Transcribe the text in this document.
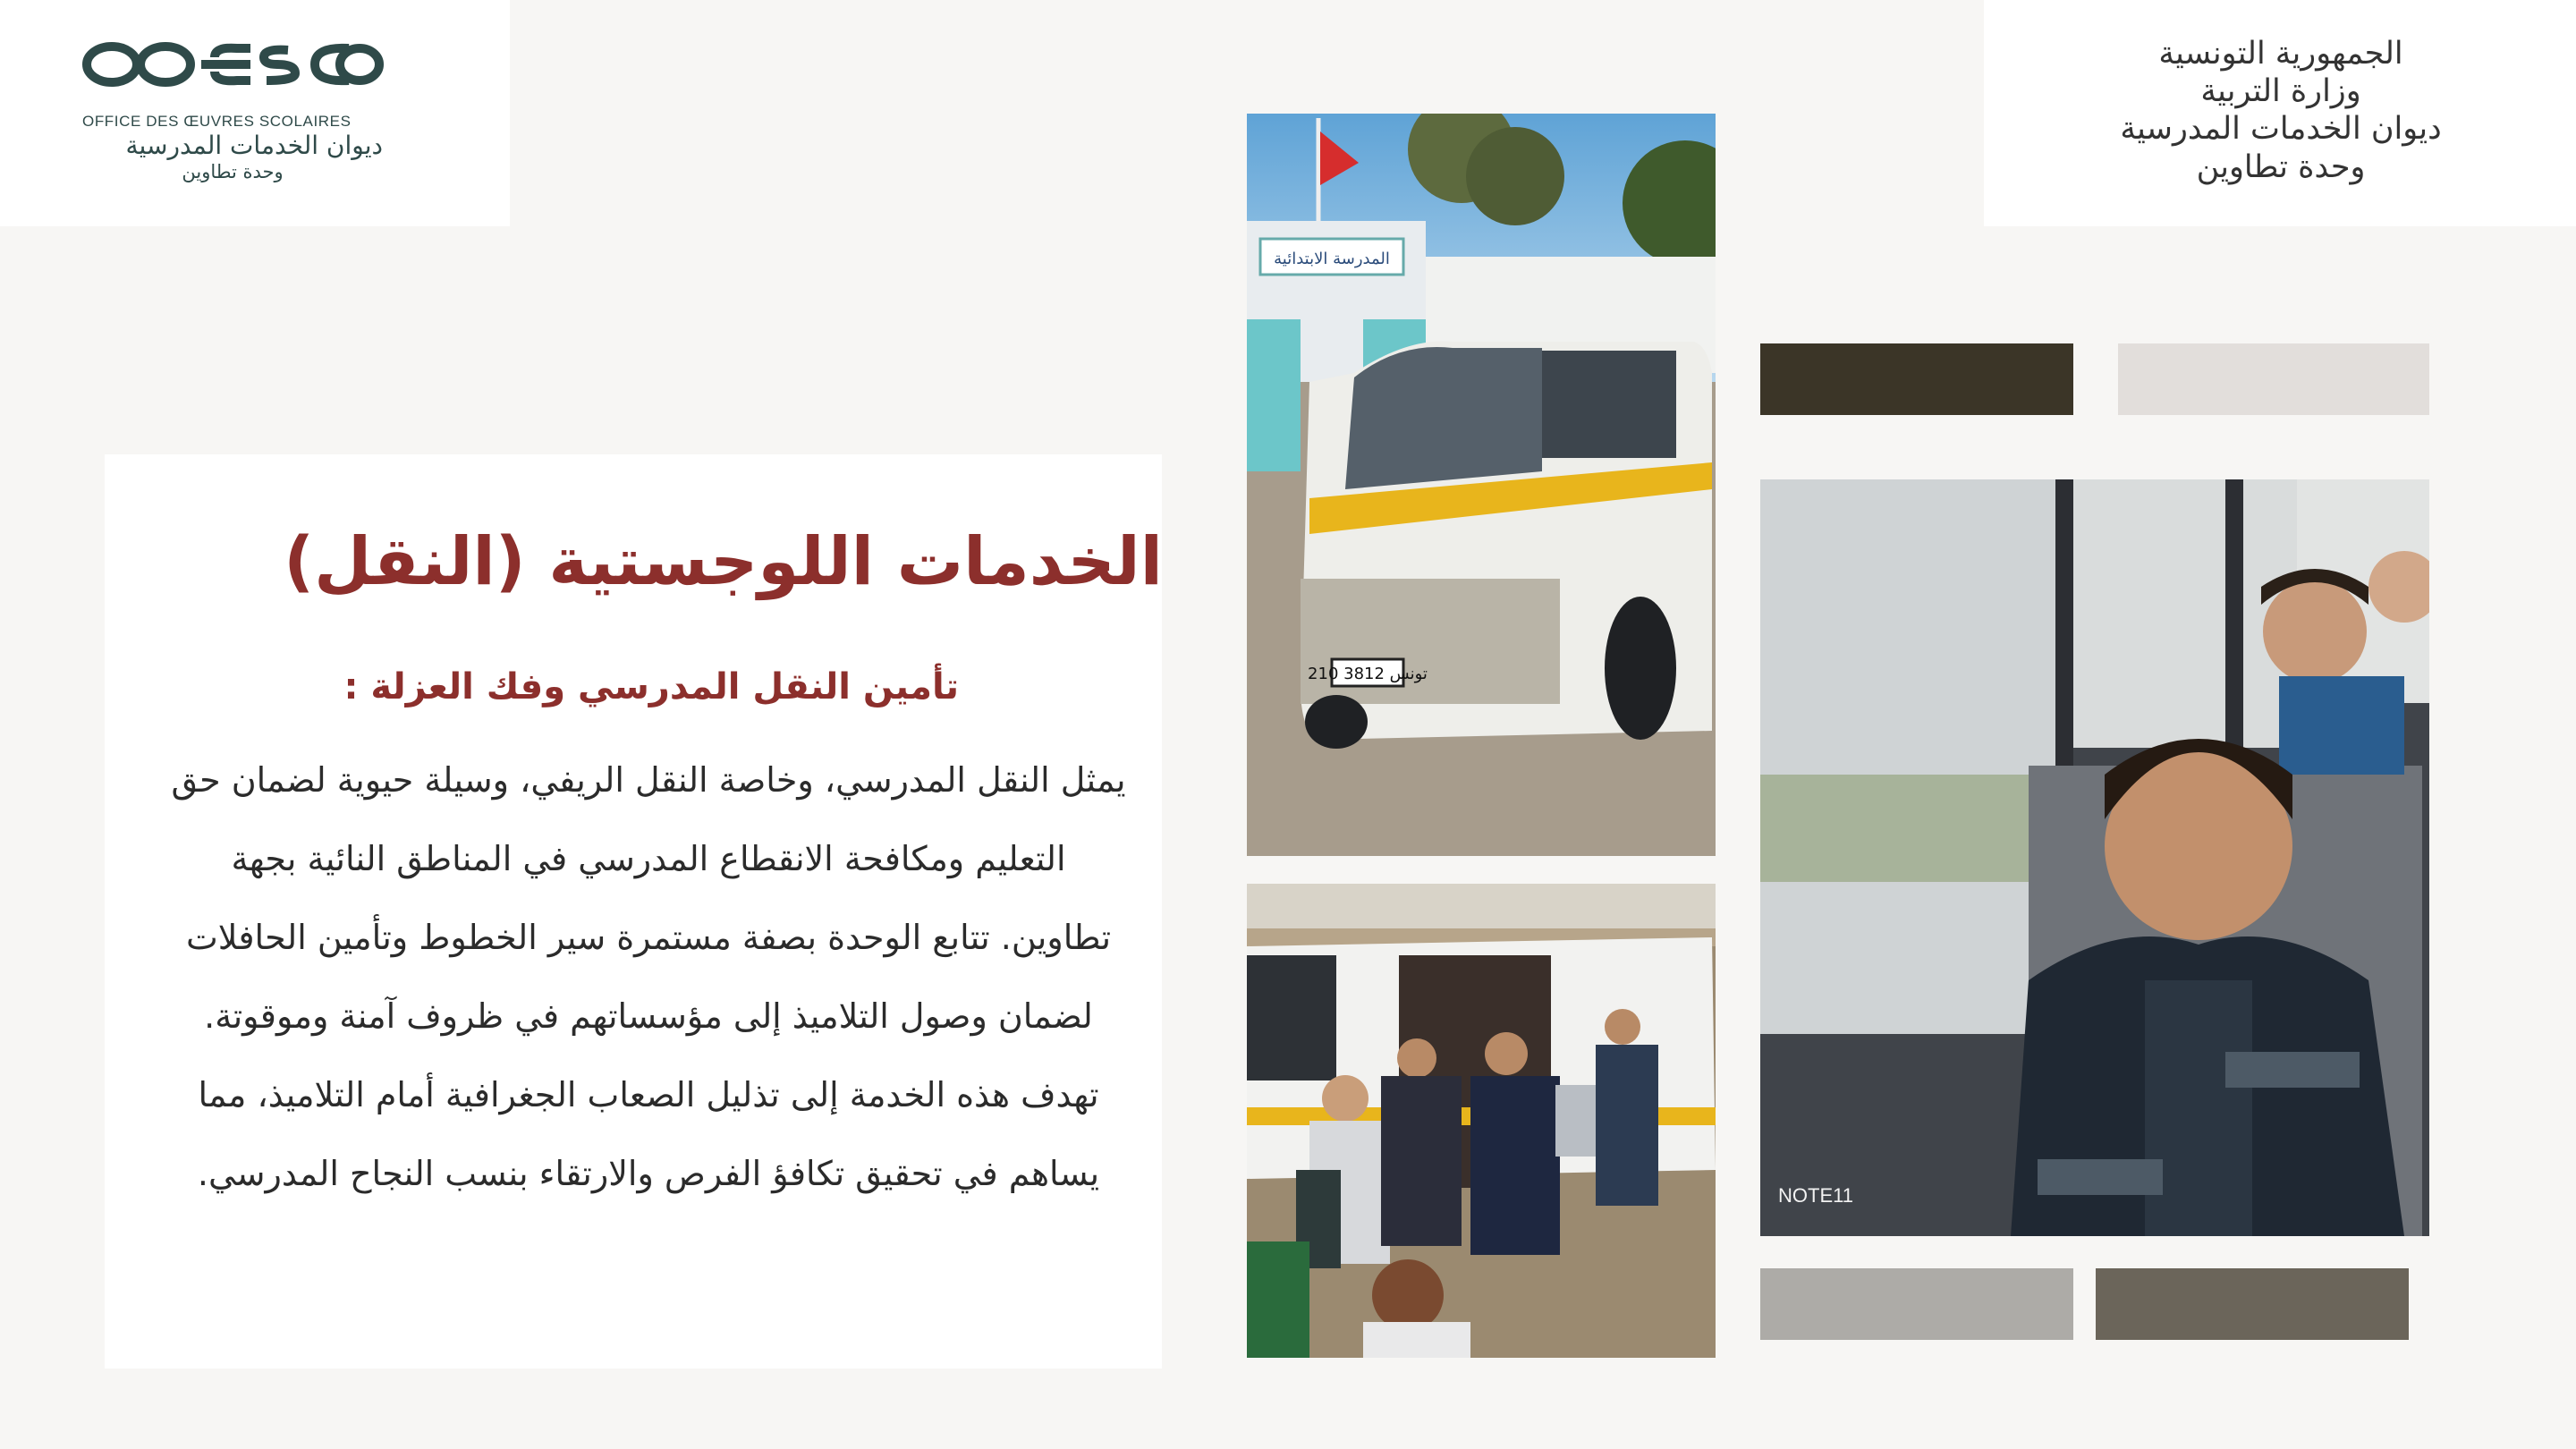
OFFICE DES ŒUVRES SCOLAIRES
ديوان الخدمات المدرسية
وحدة تطاوين
الجمهورية التونسية
وزارة التربية
ديوان الخدمات المدرسية
وحدة تطاوين
الخدمات اللوجستية (النقل)
تأمين النقل المدرسي وفك العزلة :
يمثل النقل المدرسي، وخاصة النقل الريفي، وسيلة حيوية لضمان حق
التعليم ومكافحة الانقطاع المدرسي في المناطق النائية بجهة
تطاوين. تتابع الوحدة بصفة مستمرة سير الخطوط وتأمين الحافلات
لضمان وصول التلاميذ إلى مؤسساتهم في ظروف آمنة وموقوتة.
تهدف هذه الخدمة إلى تذليل الصعاب الجغرافية أمام التلاميذ، مما
يساهم في تحقيق تكافؤ الفرص والارتقاء بنسب النجاح المدرسي.
المدرسة الابتدائية
210 تونس 3812
NOTE11
